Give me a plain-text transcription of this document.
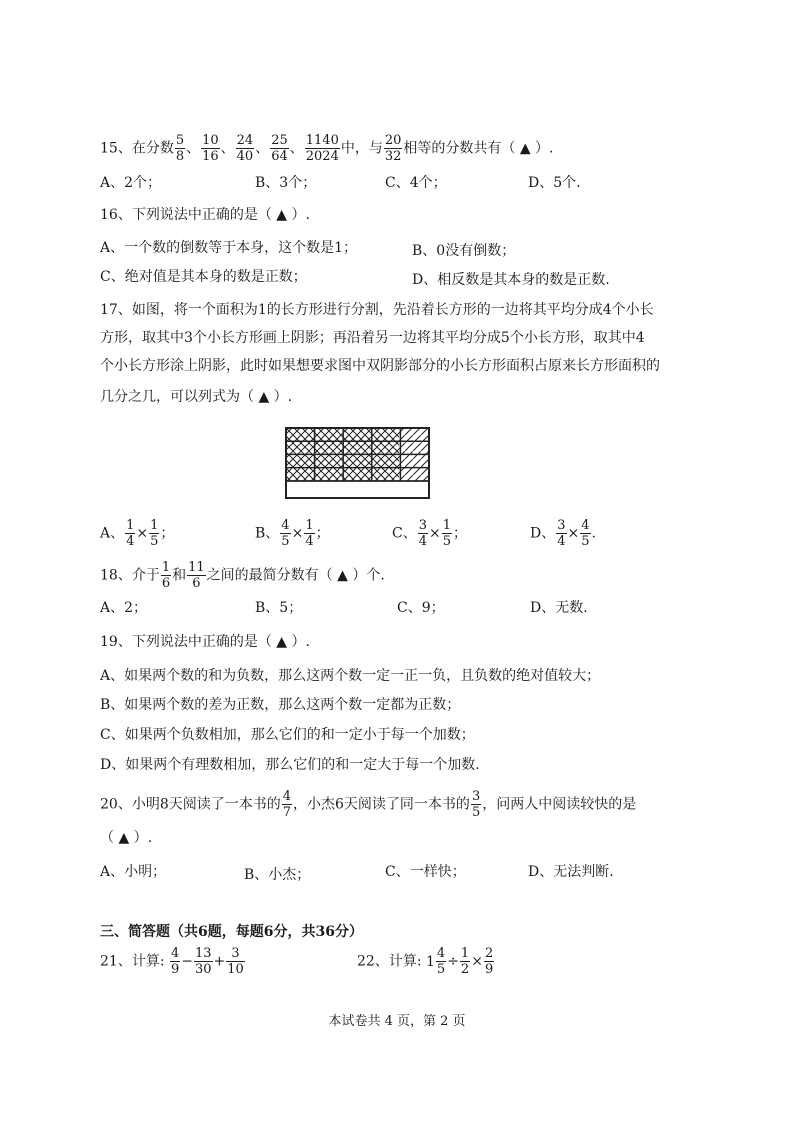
15、在分数 $\frac{5}{8}$ 、 $\frac{10}{16}$ 、 $\frac{24}{40}$ 、 $\frac{25}{64}$ 、 $\frac{1140}{2024}$ 中，与 $\frac{20}{32}$ 相等的分数共有（ ▲ ）.
A、2个；	B、3个；	C、4个；	D、5个.
16、下列说法中正确的是（ ▲ ）.
A、一个数的倒数等于本身，这个数是1；	B、0没有倒数；
C、绝对值是其本身的数是正数；	D、相反数是其本身的数是正数.
17、如图，将一个面积为1的长方形进行分割，先沿着长方形的一边将其平均分成4个小长
方形，取其中3个小长方形画上阴影；再沿着另一边将其平均分成5个小长方形，取其中4
个小长方形涂上阴影，此时如果想要求图中双阴影部分的小长方形面积占原来长方形面积的
几分之几，可以列式为（ ▲ ）.
A、 $\frac{1}{4} \times \frac{1}{5}$ ；	B、 $\frac{4}{5} \times \frac{1}{4}$ ；	C、 $\frac{3}{4} \times \frac{1}{5}$ ；	D、 $\frac{3}{4} \times \frac{4}{5}$ .
18、介于 $\frac{1}{6}$ 和 $\frac{11}{6}$ 之间的最简分数有（ ▲ ）个.
A、2；	B、5；	C、9；	D、无数.
19、下列说法中正确的是（ ▲ ）.
A、如果两个数的和为负数，那么这两个数一定一正一负，且负数的绝对值较大；
B、如果两个数的差为正数，那么这两个数一定都为正数；
C、如果两个负数相加，那么它们的和一定小于每一个加数；
D、如果两个有理数相加，那么它们的和一定大于每一个加数.
20、小明8天阅读了一本书的 $\frac{4}{7}$ ，小杰6天阅读了同一本书的 $\frac{3}{5}$ ，问两人中阅读较快的是
（ ▲ ）.
A、小明；	B、小杰；	C、一样快；	D、无法判断.
三、简答题（共6题，每题6分，共36分）
21、计算: $\frac{4}{9} - \frac{13}{30} + \frac{3}{10}$	22、计算: $1 \frac{4}{5} \div \frac{1}{2} \times \frac{2}{9}$
本试卷共 4 页，第 2 页
